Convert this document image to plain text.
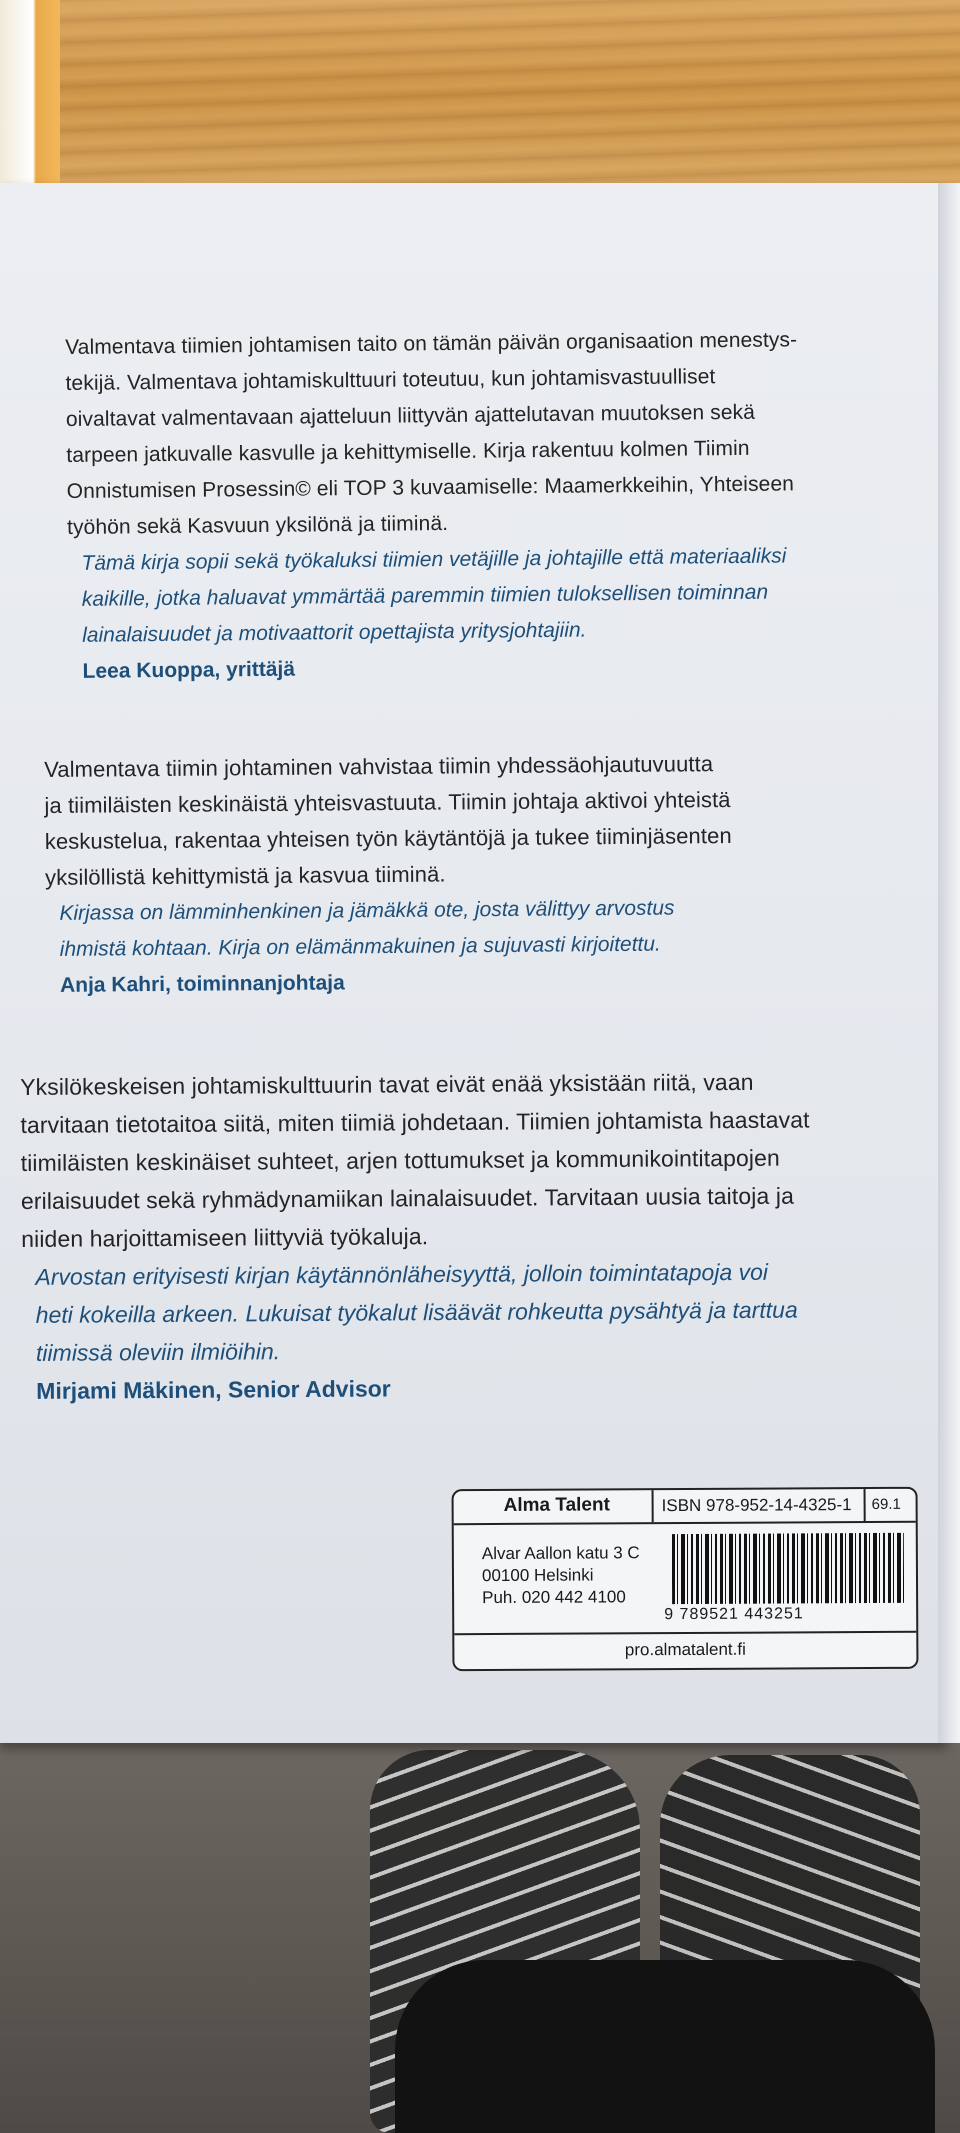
Valmentava tiimien johtamisen taito on tämän päivän organisaation menestys-

tekijä. Valmentava johtamiskulttuuri toteutuu, kun johtamisvastuulliset

oivaltavat valmentavaan ajatteluun liittyvän ajattelutavan muutoksen sekä

tarpeen jatkuvalle kasvulle ja kehittymiselle. Kirja rakentuu kolmen Tiimin

Onnistumisen Prosessin© eli TOP 3 kuvaamiselle: Maamerkkeihin, Yhteiseen

työhön sekä Kasvuun yksilönä ja tiiminä.

Tämä kirja sopii sekä työkaluksi tiimien vetäjille ja johtajille että materiaaliksi

kaikille, jotka haluavat ymmärtää paremmin tiimien tuloksellisen toiminnan

lainalaisuudet ja motivaattorit opettajista yritysjohtajiin.

Leea Kuoppa, yrittäjä

Valmentava tiimin johtaminen vahvistaa tiimin yhdessäohjautuvuutta

ja tiimiläisten keskinäistä yhteisvastuuta. Tiimin johtaja aktivoi yhteistä

keskustelua, rakentaa yhteisen työn käytäntöjä ja tukee tiiminjäsenten

yksilöllistä kehittymistä ja kasvua tiiminä.

Kirjassa on lämminhenkinen ja jämäkkä ote, josta välittyy arvostus

ihmistä kohtaan. Kirja on elämänmakuinen ja sujuvasti kirjoitettu.

Anja Kahri, toiminnanjohtaja

Yksilökeskeisen johtamiskulttuurin tavat eivät enää yksistään riitä, vaan

tarvitaan tietotaitoa siitä, miten tiimiä johdetaan. Tiimien johtamista haastavat

tiimiläisten keskinäiset suhteet, arjen tottumukset ja kommunikointitapojen

erilaisuudet sekä ryhmädynamiikan lainalaisuudet. Tarvitaan uusia taitoja ja

niiden harjoittamiseen liittyviä työkaluja.

Arvostan erityisesti kirjan käytännönläheisyyttä, jolloin toimintatapoja voi

heti kokeilla arkeen. Lukuisat työkalut lisäävät rohkeutta pysähtyä ja tarttua

tiimissä oleviin ilmiöihin.

Mirjami Mäkinen, Senior Advisor

Alma Talent	ISBN 978-952-14-4325-1 69.1
Alvar Aallon katu 3 C
00100 Helsinki
Puh. 020 442 4100
9 789521 443251
pro.almatalent.fi
